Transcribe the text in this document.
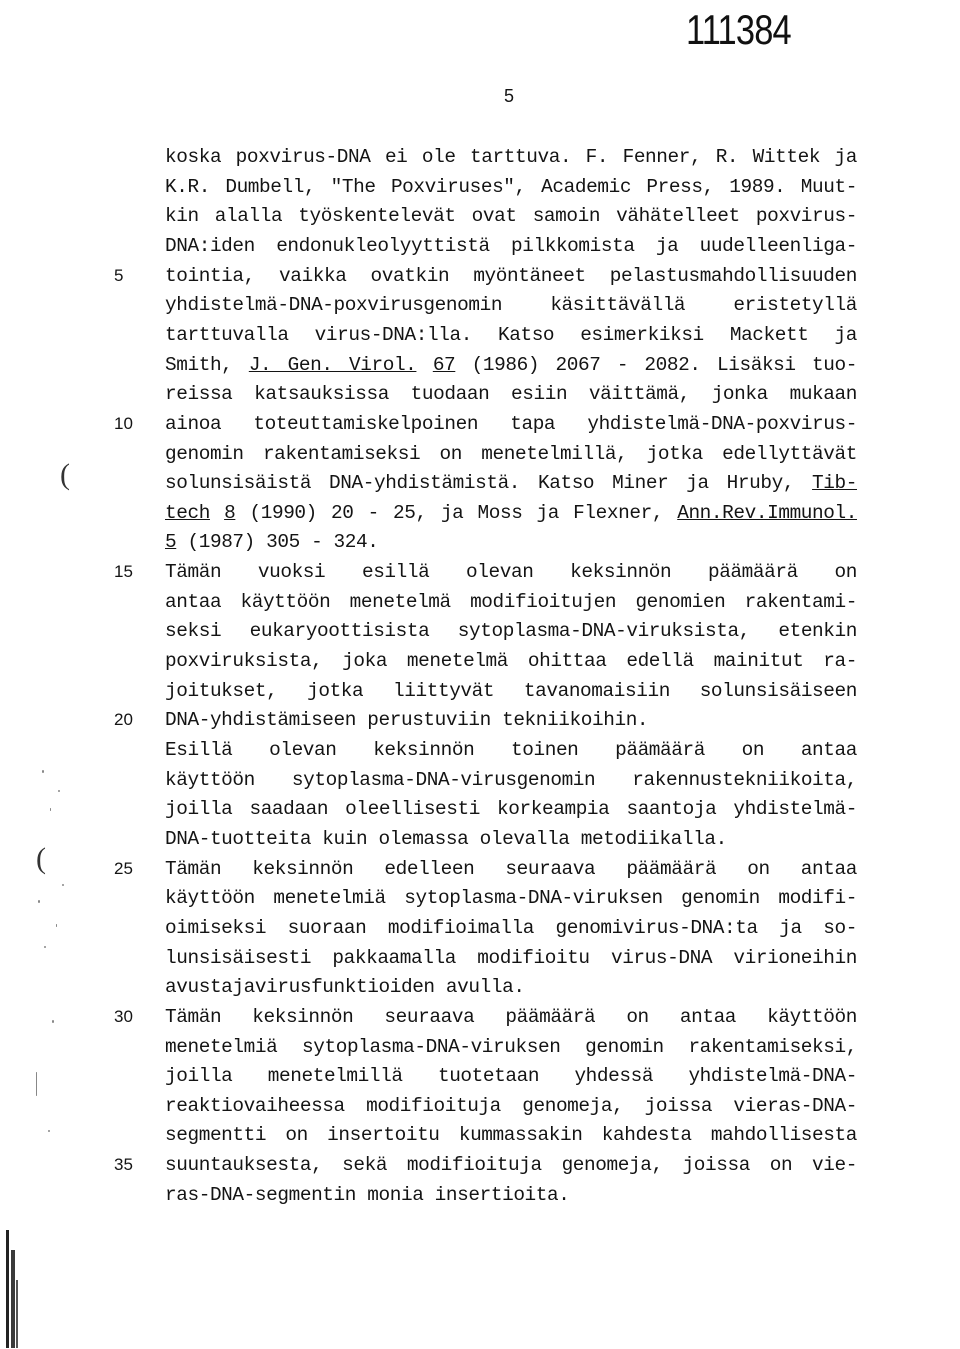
111384
5
koska poxvirus-DNA ei ole tarttuva. F. Fenner, R. Wittek ja
K.R. Dumbell, "The Poxviruses", Academic Press, 1989. Muut-
kin alalla työskentelevät ovat samoin vähätelleet poxvirus-
DNA:iden endonukleolyyttistä pilkkomista ja uudelleenliga-
tointia, vaikka ovatkin myöntäneet pelastusmahdollisuuden
5
yhdistelmä-DNA-poxvirusgenomin käsittävällä eristetyllä
tarttuvalla virus-DNA:lla. Katso esimerkiksi Mackett ja
Smith, J. Gen. Virol. 67 (1986) 2067 - 2082. Lisäksi tuo-
reissa katsauksissa tuodaan esiin väittämä, jonka mukaan
ainoa toteuttamiskelpoinen tapa yhdistelmä-DNA-poxvirus-
10
genomin rakentamiseksi on menetelmillä, jotka edellyttävät
solunsisäistä DNA-yhdistämistä. Katso Miner ja Hruby, Tib-
tech 8 (1990) 20 - 25, ja Moss ja Flexner, Ann.Rev.Immunol.
5 (1987) 305 - 324.
Tämän vuoksi esillä olevan keksinnön päämäärä on
15
antaa käyttöön menetelmä modifioitujen genomien rakentami-
seksi eukaryoottisista sytoplasma-DNA-viruksista, etenkin
poxviruksista, joka menetelmä ohittaa edellä mainitut ra-
joitukset, jotka liittyvät tavanomaisiin solunsisäiseen
DNA-yhdistämiseen perustuviin tekniikoihin.
20
Esillä olevan keksinnön toinen päämäärä on antaa
käyttöön sytoplasma-DNA-virusgenomin rakennustekniikoita,
joilla saadaan oleellisesti korkeampia saantoja yhdistelmä-
DNA-tuotteita kuin olemassa olevalla metodiikalla.
Tämän keksinnön edelleen seuraava päämäärä on antaa
25
käyttöön menetelmiä sytoplasma-DNA-viruksen genomin modifi-
oimiseksi suoraan modifioimalla genomivirus-DNA:ta ja so-
lunsisäisesti pakkaamalla modifioitu virus-DNA virioneihin
avustajavirusfunktioiden avulla.
Tämän keksinnön seuraava päämäärä on antaa käyttöön
30
menetelmiä sytoplasma-DNA-viruksen genomin rakentamiseksi,
joilla menetelmillä tuotetaan yhdessä yhdistelmä-DNA-
reaktiovaiheessa modifioituja genomeja, joissa vieras-DNA-
segmentti on insertoitu kummassakin kahdesta mahdollisesta
suuntauksesta, sekä modifioituja genomeja, joissa on vie-
35
ras-DNA-segmentin monia insertioita.
(
(
